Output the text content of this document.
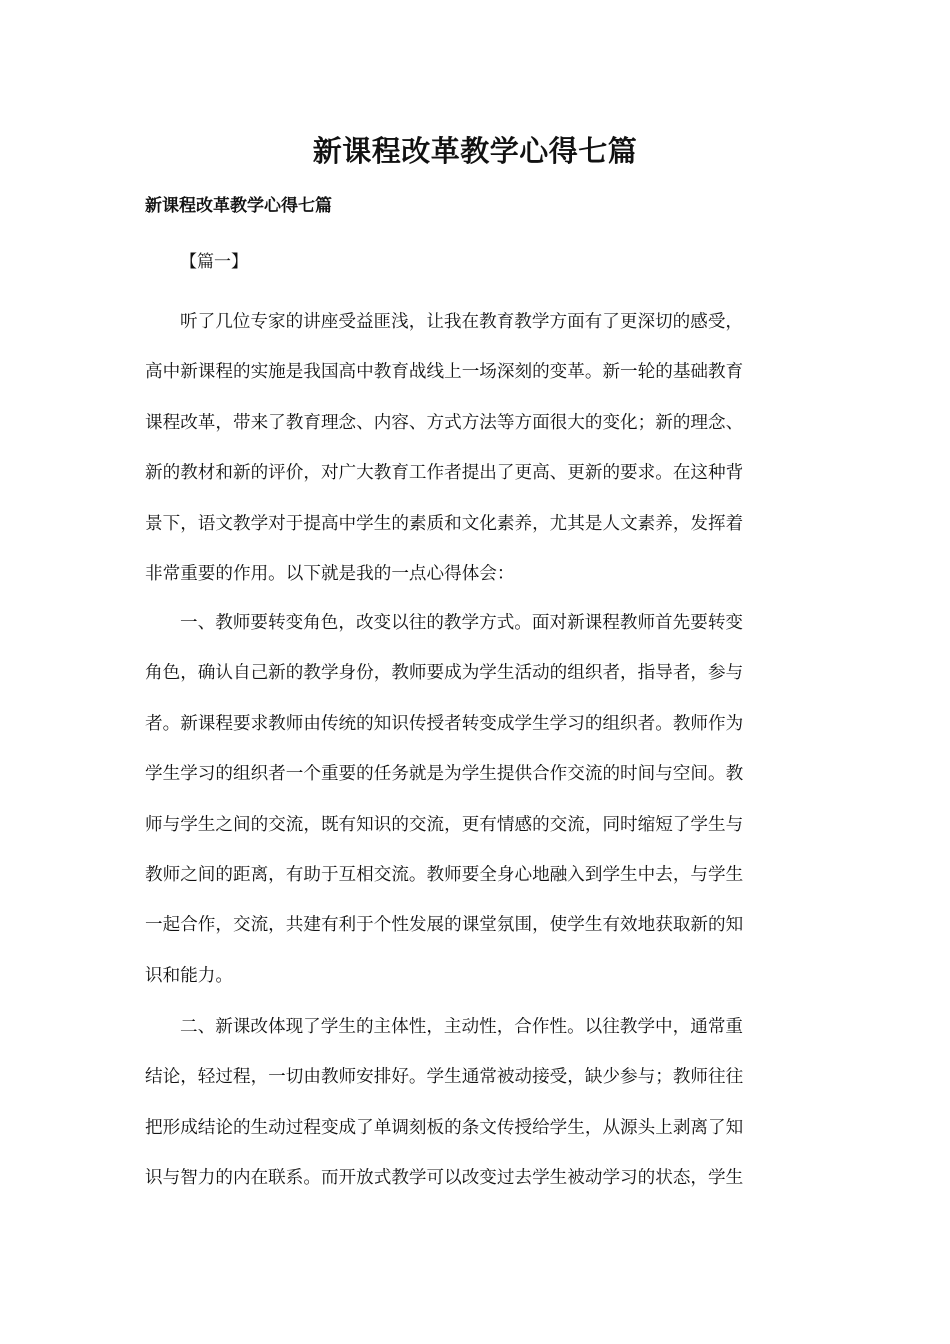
新课程改革教学心得七篇
新课程改革教学心得七篇
【篇一】
听了几位专家的讲座受益匪浅，让我在教育教学方面有了更深切的感受，
高中新课程的实施是我国高中教育战线上一场深刻的变革。新一轮的基础教育
课程改革，带来了教育理念、内容、方式方法等方面很大的变化；新的理念、
新的教材和新的评价，对广大教育工作者提出了更高、更新的要求。在这种背
景下，语文教学对于提高中学生的素质和文化素养，尤其是人文素养，发挥着
非常重要的作用。以下就是我的一点心得体会：
一、教师要转变角色，改变以往的教学方式。面对新课程教师首先要转变
角色，确认自己新的教学身份，教师要成为学生活动的组织者，指导者，参与
者。新课程要求教师由传统的知识传授者转变成学生学习的组织者。教师作为
学生学习的组织者一个重要的任务就是为学生提供合作交流的时间与空间。教
师与学生之间的交流，既有知识的交流，更有情感的交流，同时缩短了学生与
教师之间的距离，有助于互相交流。教师要全身心地融入到学生中去，与学生
一起合作，交流，共建有利于个性发展的课堂氛围，使学生有效地获取新的知
识和能力。
二、新课改体现了学生的主体性，主动性，合作性。以往教学中，通常重
结论，轻过程，一切由教师安排好。学生通常被动接受，缺少参与；教师往往
把形成结论的生动过程变成了单调刻板的条文传授给学生，从源头上剥离了知
识与智力的内在联系。而开放式教学可以改变过去学生被动学习的状态，学生
